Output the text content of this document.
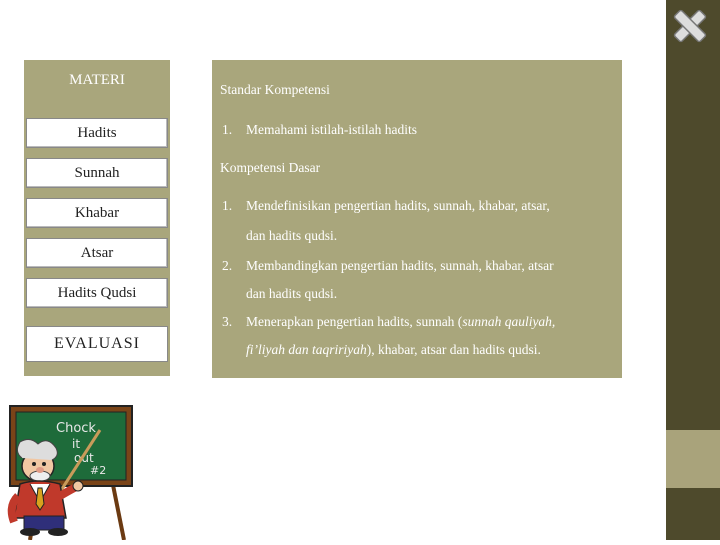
MATERI
Hadits
Sunnah
Khabar
Atsar
Hadits Qudsi
EVALUASI
Standar Kompetensi
1. Memahami istilah-istilah hadits
Kompetensi Dasar
1. Mendefinisikan pengertian hadits, sunnah, khabar, atsar,
dan hadits qudsi.
2. Membandingkan pengertian hadits, sunnah, khabar, atsar
dan hadits qudsi.
3. Menerapkan pengertian hadits, sunnah (sunnah qauliyah,
fi’liyah dan taqririyah), khabar, atsar dan hadits qudsi.
Chock
it
out
#2
